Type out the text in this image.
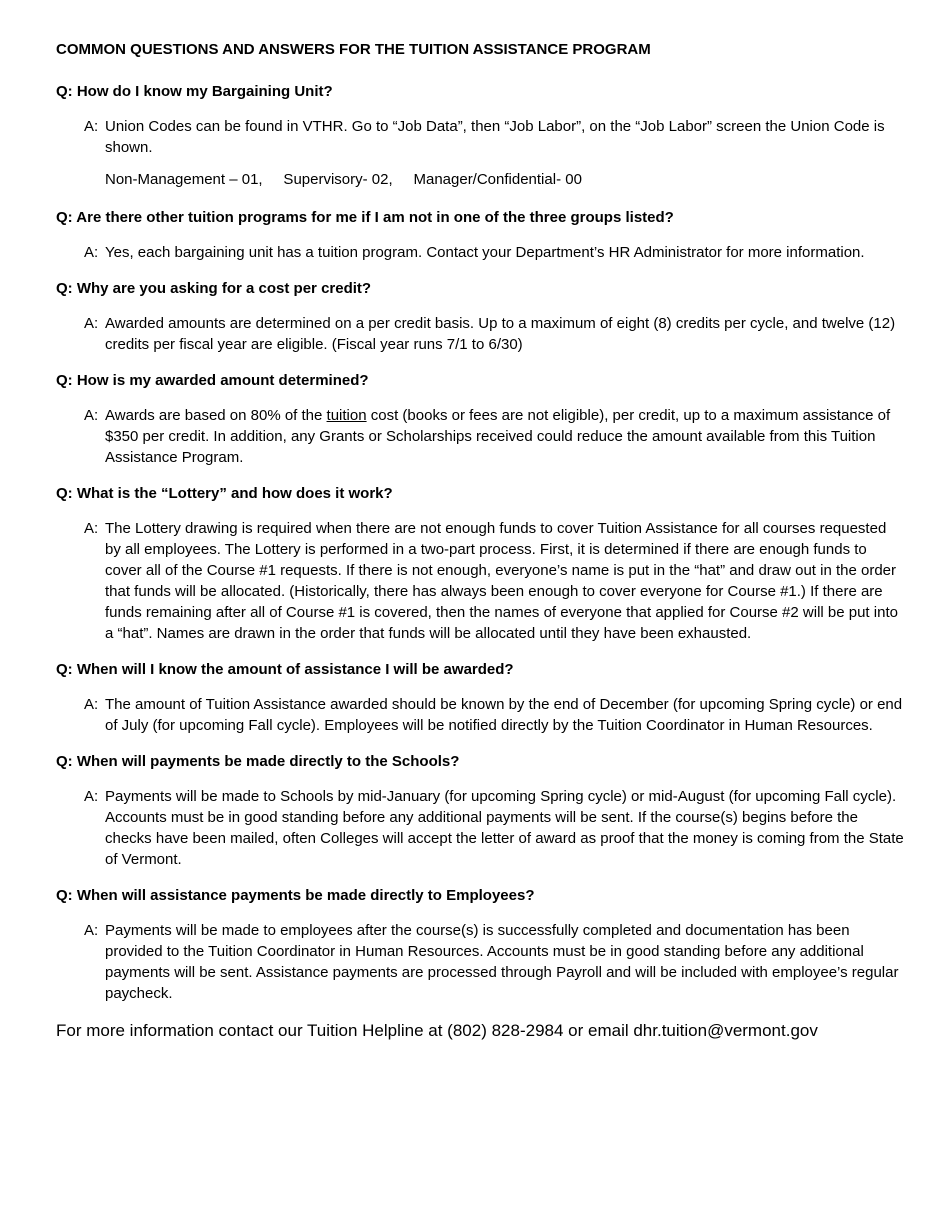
COMMON QUESTIONS AND ANSWERS FOR THE TUITION ASSISTANCE PROGRAM
Q: How do I know my Bargaining Unit?
A: Union Codes can be found in VTHR. Go to “Job Data”, then “Job Labor”, on the “Job Labor” screen the Union Code is shown.
Non-Management – 01,     Supervisory- 02,     Manager/Confidential- 00
Q: Are there other tuition programs for me if I am not in one of the three groups listed?
A: Yes, each bargaining unit has a tuition program. Contact your Department’s HR Administrator for more information.
Q: Why are you asking for a cost per credit?
A: Awarded amounts are determined on a per credit basis. Up to a maximum of eight (8) credits per cycle, and twelve (12) credits per fiscal year are eligible. (Fiscal year runs 7/1 to 6/30)
Q: How is my awarded amount determined?
A: Awards are based on 80% of the tuition cost (books or fees are not eligible), per credit, up to a maximum assistance of $350 per credit. In addition, any Grants or Scholarships received could reduce the amount available from this Tuition Assistance Program.
Q: What is the “Lottery” and how does it work?
A: The Lottery drawing is required when there are not enough funds to cover Tuition Assistance for all courses requested by all employees. The Lottery is performed in a two-part process. First, it is determined if there are enough funds to cover all of the Course #1 requests. If there is not enough, everyone’s name is put in the “hat” and draw out in the order that funds will be allocated. (Historically, there has always been enough to cover everyone for Course #1.) If there are funds remaining after all of Course #1 is covered, then the names of everyone that applied for Course #2 will be put into a “hat”. Names are drawn in the order that funds will be allocated until they have been exhausted.
Q: When will I know the amount of assistance I will be awarded?
A: The amount of Tuition Assistance awarded should be known by the end of December (for upcoming Spring cycle) or end of July (for upcoming Fall cycle). Employees will be notified directly by the Tuition Coordinator in Human Resources.
Q: When will payments be made directly to the Schools?
A: Payments will be made to Schools by mid-January (for upcoming Spring cycle) or mid-August (for upcoming Fall cycle). Accounts must be in good standing before any additional payments will be sent. If the course(s) begins before the checks have been mailed, often Colleges will accept the letter of award as proof that the money is coming from the State of Vermont.
Q: When will assistance payments be made directly to Employees?
A: Payments will be made to employees after the course(s) is successfully completed and documentation has been provided to the Tuition Coordinator in Human Resources. Accounts must be in good standing before any additional payments will be sent. Assistance payments are processed through Payroll and will be included with employee’s regular paycheck.
For more information contact our Tuition Helpline at (802) 828-2984 or email dhr.tuition@vermont.gov
